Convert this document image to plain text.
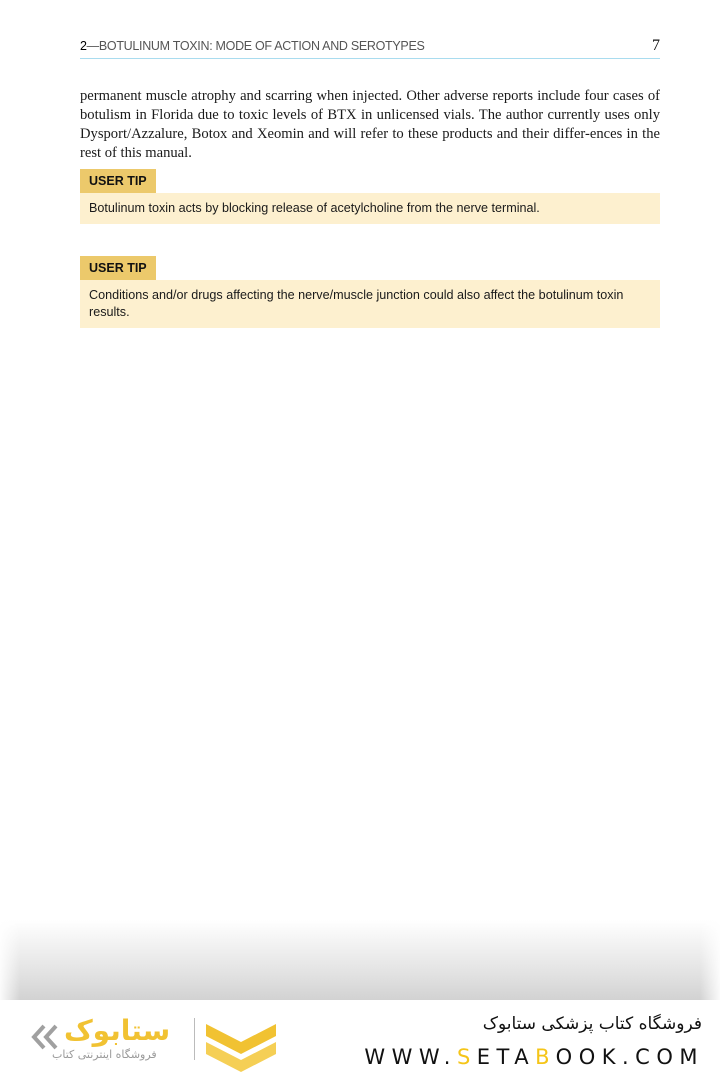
2—BOTULINUM TOXIN: MODE OF ACTION AND SEROTYPES	7

permanent muscle atrophy and scarring when injected. Other adverse reports include four cases of botulism in Florida due to toxic levels of BTX in unlicensed vials. The author currently uses only Dysport/Azzalure, Botox and Xeomin and will refer to these products and their differ-ences in the rest of this manual.

USER TIP
Botulinum toxin acts by blocking release of acetylcholine from the nerve terminal.
USER TIP
Conditions and/or drugs affecting the nerve/muscle junction could also affect the botulinum toxin results.
ستابوک
فروشگاه اینترنتی کتاب
فروشگاه کتاب پزشکی ستابوک
WWW.SETABOOK.COM
